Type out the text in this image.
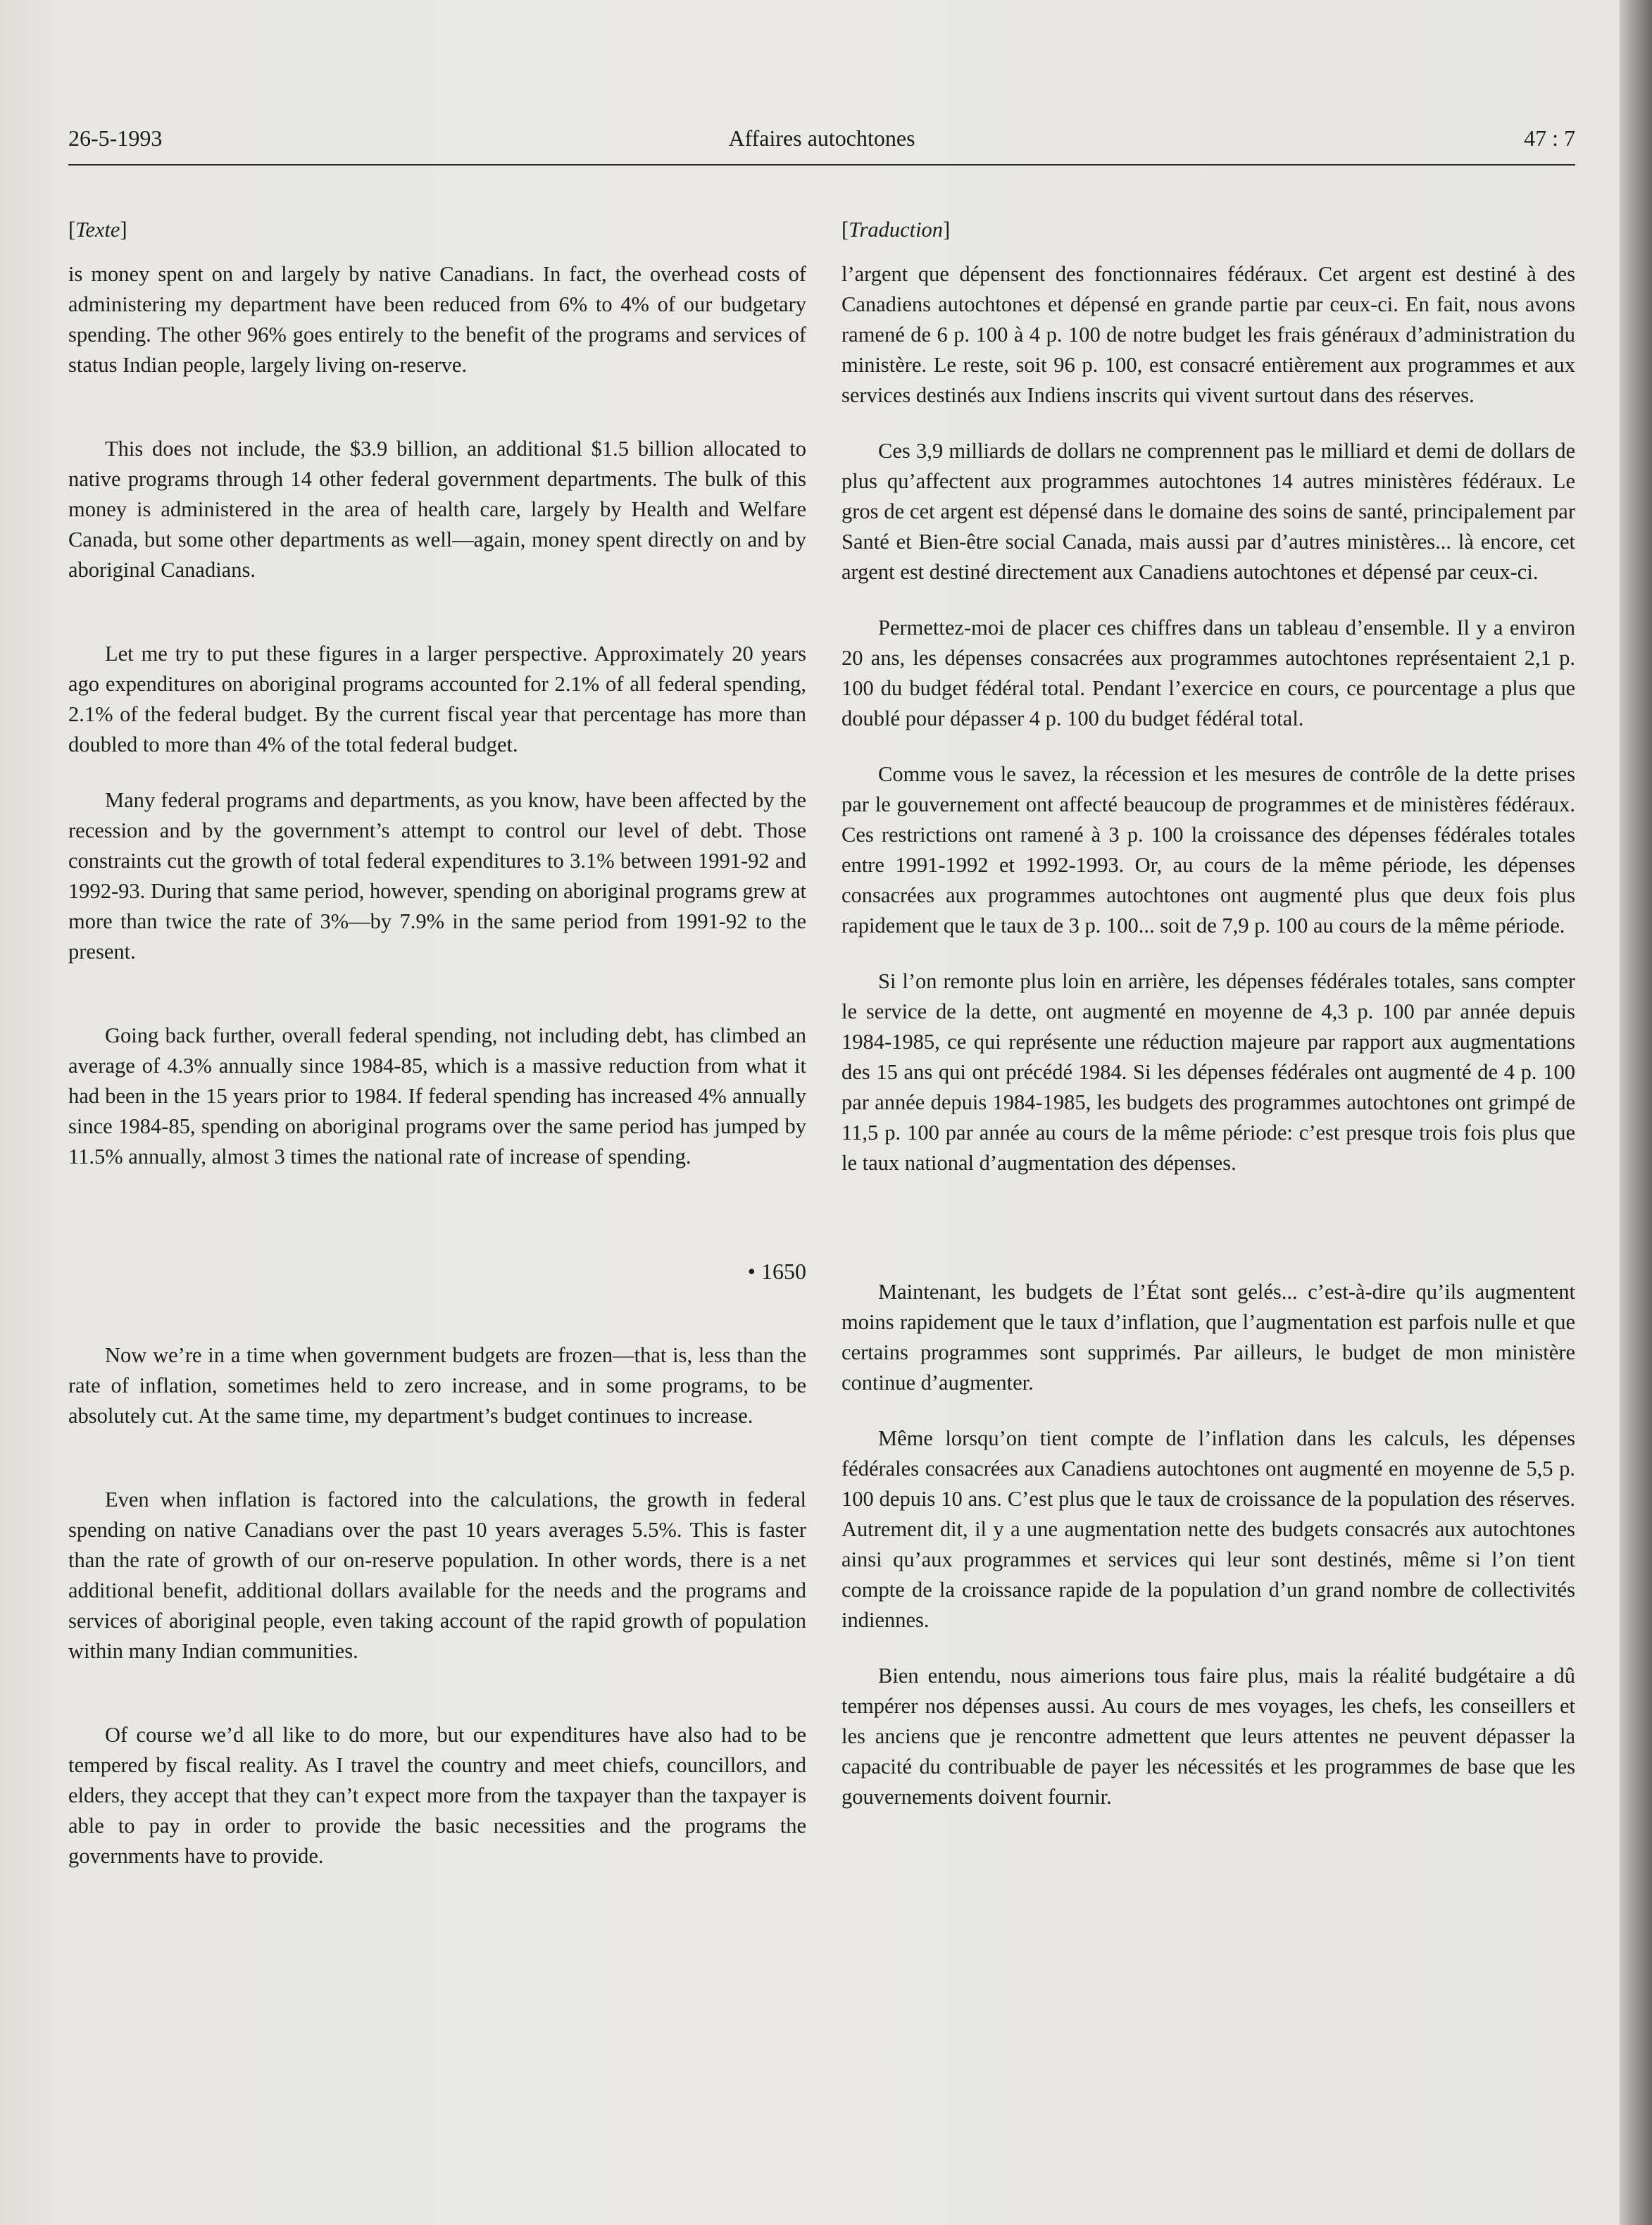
26-5-1993	Affaires autochtones	47 : 7
[Texte]

is money spent on and largely by native Canadians. In fact, the overhead costs of administering my department have been reduced from 6% to 4% of our budgetary spending. The other 96% goes entirely to the benefit of the programs and services of status Indian people, largely living on-reserve.

This does not include, the $3.9 billion, an additional $1.5 billion allocated to native programs through 14 other federal government departments. The bulk of this money is administered in the area of health care, largely by Health and Welfare Canada, but some other departments as well—again, money spent directly on and by aboriginal Canadians.

Let me try to put these figures in a larger perspective. Approximately 20 years ago expenditures on aboriginal programs accounted for 2.1% of all federal spending, 2.1% of the federal budget. By the current fiscal year that percentage has more than doubled to more than 4% of the total federal budget.

Many federal programs and departments, as you know, have been affected by the recession and by the government’s attempt to control our level of debt. Those constraints cut the growth of total federal expenditures to 3.1% between 1991-92 and 1992-93. During that same period, however, spending on aboriginal programs grew at more than twice the rate of 3%—by 7.9% in the same period from 1991-92 to the present.

Going back further, overall federal spending, not including debt, has climbed an average of 4.3% annually since 1984-85, which is a massive reduction from what it had been in the 15 years prior to 1984. If federal spending has increased 4% annually since 1984-85, spending on aboriginal programs over the same period has jumped by 11.5% annually, almost 3 times the national rate of increase of spending.

• 1650

Now we’re in a time when government budgets are frozen—that is, less than the rate of inflation, sometimes held to zero increase, and in some programs, to be absolutely cut. At the same time, my department’s budget continues to increase.

Even when inflation is factored into the calculations, the growth in federal spending on native Canadians over the past 10 years averages 5.5%. This is faster than the rate of growth of our on-reserve population. In other words, there is a net additional benefit, additional dollars available for the needs and the programs and services of aboriginal people, even taking account of the rapid growth of population within many Indian communities.

Of course we’d all like to do more, but our expenditures have also had to be tempered by fiscal reality. As I travel the country and meet chiefs, councillors, and elders, they accept that they can’t expect more from the taxpayer than the taxpayer is able to pay in order to provide the basic necessities and the programs the governments have to provide.

[Traduction]

l’argent que dépensent des fonctionnaires fédéraux. Cet argent est destiné à des Canadiens autochtones et dépensé en grande partie par ceux-ci. En fait, nous avons ramené de 6 p. 100 à 4 p. 100 de notre budget les frais généraux d’administration du ministère. Le reste, soit 96 p. 100, est consacré entièrement aux programmes et aux services destinés aux Indiens inscrits qui vivent surtout dans des réserves.

Ces 3,9 milliards de dollars ne comprennent pas le milliard et demi de dollars de plus qu’affectent aux programmes autochtones 14 autres ministères fédéraux. Le gros de cet argent est dépensé dans le domaine des soins de santé, principalement par Santé et Bien-être social Canada, mais aussi par d’autres ministères... là encore, cet argent est destiné directement aux Canadiens autochtones et dépensé par ceux-ci.

Permettez-moi de placer ces chiffres dans un tableau d’ensemble. Il y a environ 20 ans, les dépenses consacrées aux programmes autochtones représentaient 2,1 p. 100 du budget fédéral total. Pendant l’exercice en cours, ce pourcentage a plus que doublé pour dépasser 4 p. 100 du budget fédéral total.

Comme vous le savez, la récession et les mesures de contrôle de la dette prises par le gouvernement ont affecté beaucoup de programmes et de ministères fédéraux. Ces restrictions ont ramené à 3 p. 100 la croissance des dépenses fédérales totales entre 1991-1992 et 1992-1993. Or, au cours de la même période, les dépenses consacrées aux programmes autochtones ont augmenté plus que deux fois plus rapidement que le taux de 3 p. 100... soit de 7,9 p. 100 au cours de la même période.

Si l’on remonte plus loin en arrière, les dépenses fédérales totales, sans compter le service de la dette, ont augmenté en moyenne de 4,3 p. 100 par année depuis 1984-1985, ce qui représente une réduction majeure par rapport aux augmentations des 15 ans qui ont précédé 1984. Si les dépenses fédérales ont augmenté de 4 p. 100 par année depuis 1984-1985, les budgets des programmes autochtones ont grimpé de 11,5 p. 100 par année au cours de la même période: c’est presque trois fois plus que le taux national d’augmentation des dépenses.

Maintenant, les budgets de l’État sont gelés... c’est-à-dire qu’ils augmentent moins rapidement que le taux d’inflation, que l’augmentation est parfois nulle et que certains programmes sont supprimés. Par ailleurs, le budget de mon ministère continue d’augmenter.

Même lorsqu’on tient compte de l’inflation dans les calculs, les dépenses fédérales consacrées aux Canadiens autochtones ont augmenté en moyenne de 5,5 p. 100 depuis 10 ans. C’est plus que le taux de croissance de la population des réserves. Autrement dit, il y a une augmentation nette des budgets consacrés aux autochtones ainsi qu’aux programmes et services qui leur sont destinés, même si l’on tient compte de la croissance rapide de la population d’un grand nombre de collectivités indiennes.

Bien entendu, nous aimerions tous faire plus, mais la réalité budgétaire a dû tempérer nos dépenses aussi. Au cours de mes voyages, les chefs, les conseillers et les anciens que je rencontre admettent que leurs attentes ne peuvent dépasser la capacité du contribuable de payer les nécessités et les programmes de base que les gouvernements doivent fournir.
